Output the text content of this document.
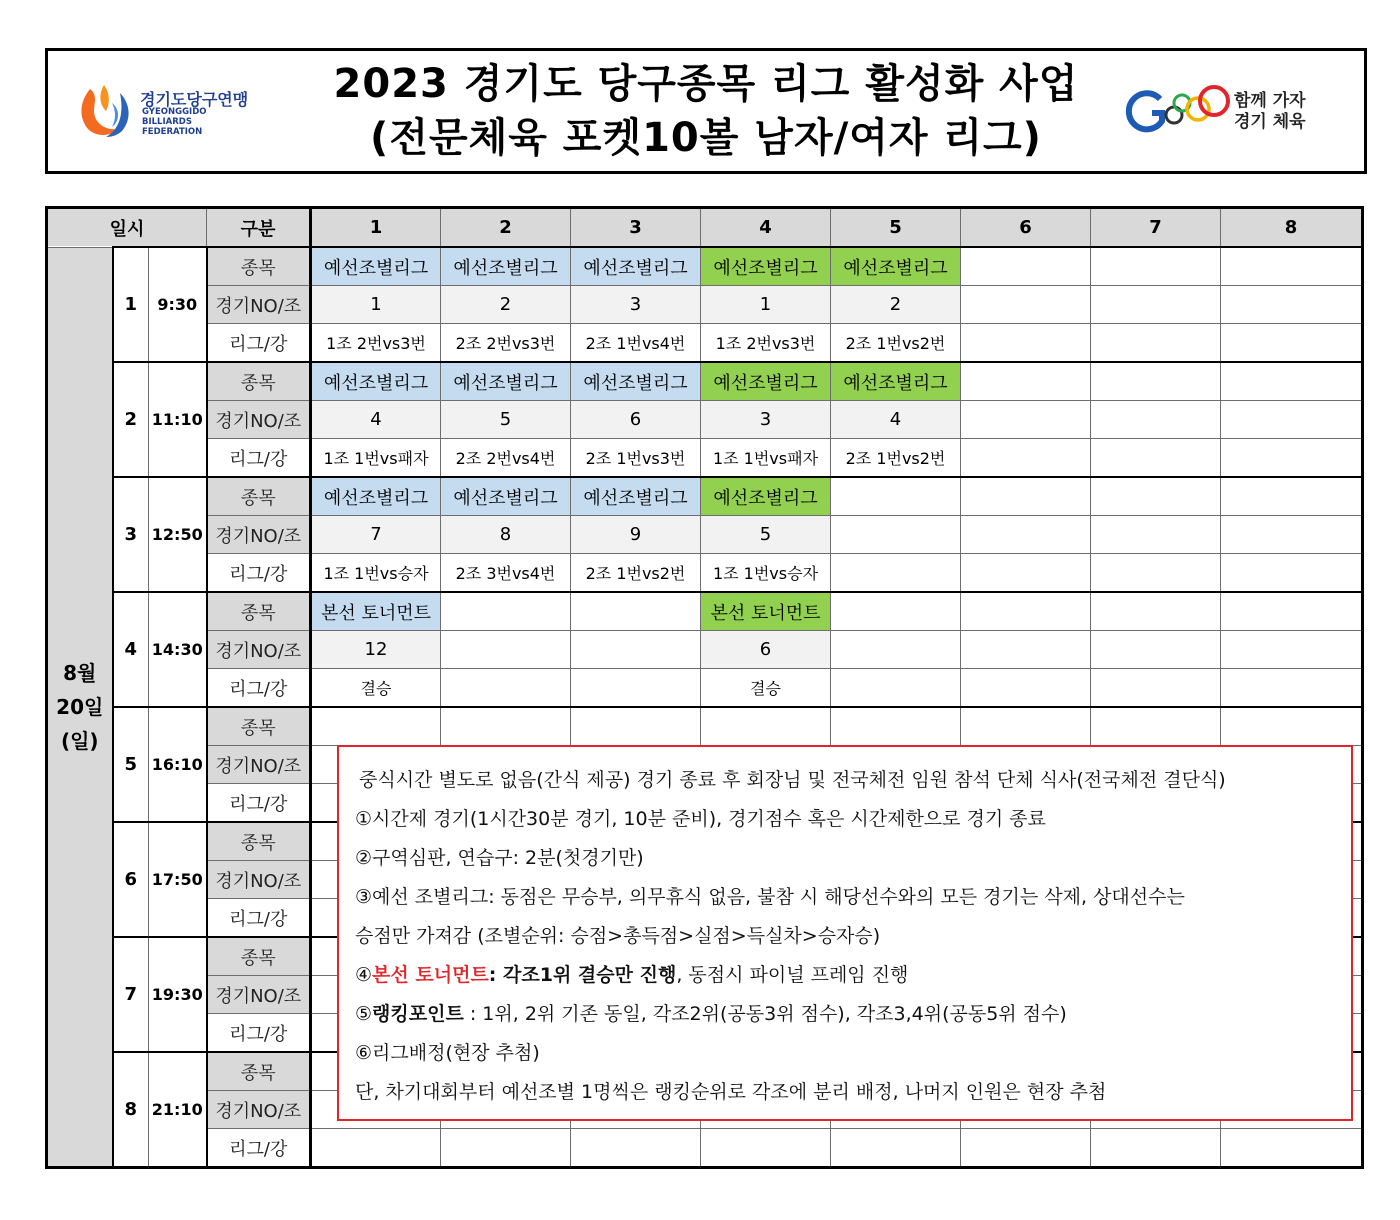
경기도당구연맹
GYEONGGIDO
BILLIARDS
FEDERATION
2023 경기도 당구종목 리그 활성화 사업
(전문체육 포켓10볼 남자/여자 리그)
함께 가자
경기 체육
일시			구분	1	2	3	4	5	6	7	8
8월
20일
(일)	1	9:30	종목	예선조별리그	예선조별리그	예선조별리그	예선조별리그	예선조별리그			
			경기NO/조	1	2	3	1	2			
			리그/강	1조 2번vs3번	2조 2번vs3번	2조 1번vs4번	1조 2번vs3번	2조 1번vs2번			
	2	11:10	종목	예선조별리그	예선조별리그	예선조별리그	예선조별리그	예선조별리그			
			경기NO/조	4	5	6	3	4			
			리그/강	1조 1번vs패자	2조 2번vs4번	2조 1번vs3번	1조 1번vs패자	2조 1번vs2번			
	3	12:50	종목	예선조별리그	예선조별리그	예선조별리그	예선조별리그				
			경기NO/조	7	8	9	5				
			리그/강	1조 1번vs승자	2조 3번vs4번	2조 1번vs2번	1조 1번vs승자				
	4	14:30	종목	본선 토너먼트			본선 토너먼트				
			경기NO/조	12			6				
			리그/강	결승			결승				
	5	16:10	종목								
			경기NO/조								
			리그/강								
	6	17:50	종목								
			경기NO/조								
			리그/강								
	7	19:30	종목								
			경기NO/조								
			리그/강								
	8	21:10	종목								
			경기NO/조								
			리그/강								
중식시간 별도로 없음(간식 제공) 경기 종료 후 회장님 및 전국체전 임원 참석 단체 식사(전국체전 결단식)
①시간제 경기(1시간30분 경기, 10분 준비), 경기점수 혹은 시간제한으로 경기 종료
②구역심판, 연습구: 2분(첫경기만)
③예선 조별리그: 동점은 무승부, 의무휴식 없음, 불참 시 해당선수와의 모든 경기는 삭제, 상대선수는
승점만 가져감 (조별순위: 승점>총득점>실점>득실차>승자승)
④본선 토너먼트: 각조1위 결승만 진행, 동점시 파이널 프레임 진행
⑤랭킹포인트 : 1위, 2위 기존 동일, 각조2위(공동3위 점수), 각조3,4위(공동5위 점수)
⑥리그배정(현장 추첨)
단, 차기대회부터 예선조별 1명씩은 랭킹순위로 각조에 분리 배정, 나머지 인원은 현장 추첨
